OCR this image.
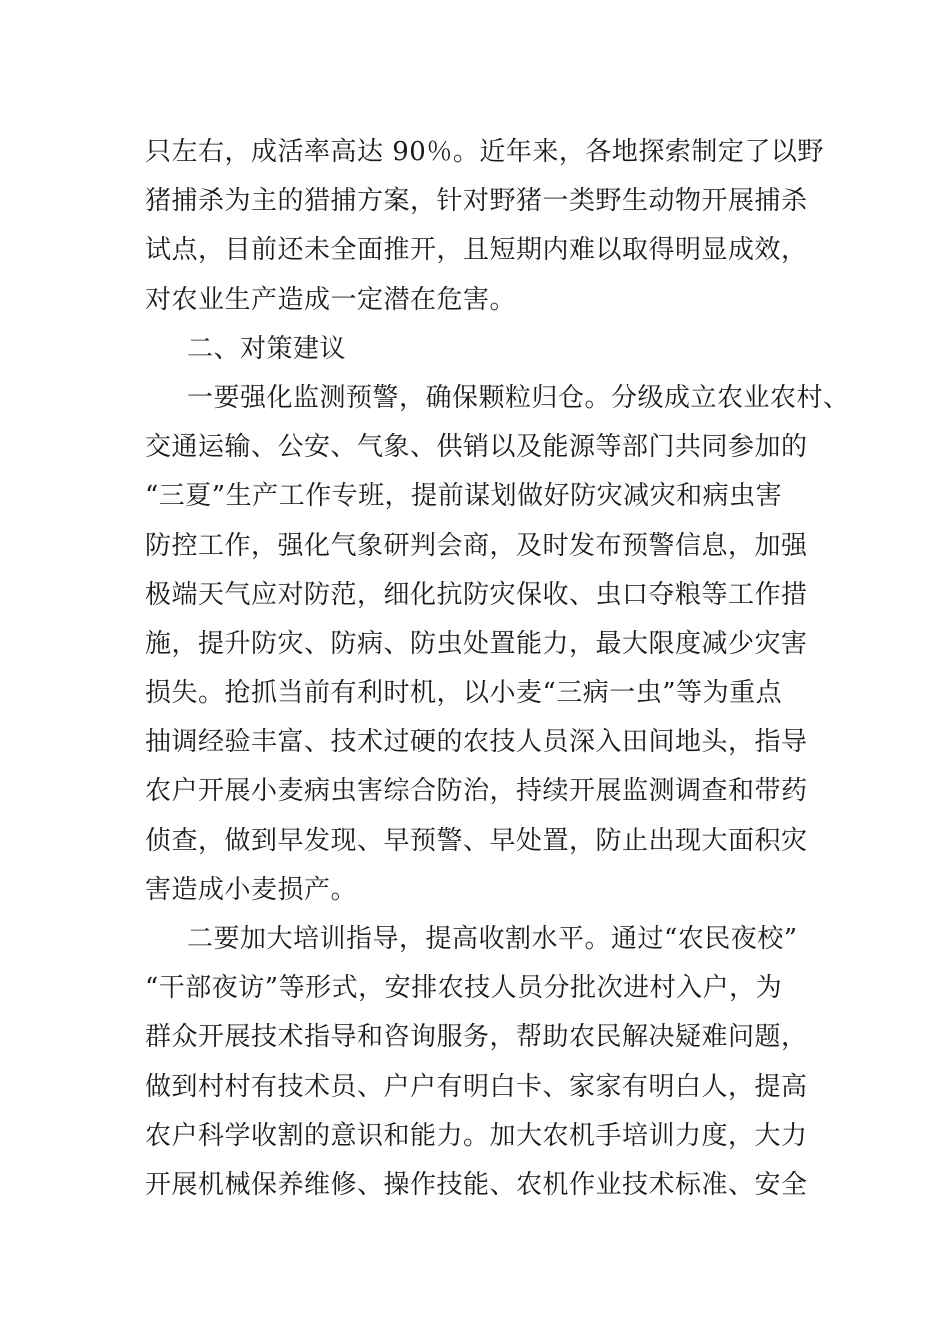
只左右，成活率高达 90％。近年来，各地探索制定了以野
猪捕杀为主的猎捕方案，针对野猪一类野生动物开展捕杀
试点，目前还未全面推开，且短期内难以取得明显成效，
对农业生产造成一定潜在危害。
二、对策建议
一要强化监测预警，确保颗粒归仓。分级成立农业农村、
交通运输、公安、气象、供销以及能源等部门共同参加的
“三夏”生产工作专班，提前谋划做好防灾减灾和病虫害
防控工作，强化气象研判会商，及时发布预警信息，加强
极端天气应对防范，细化抗防灾保收、虫口夺粮等工作措
施，提升防灾、防病、防虫处置能力，最大限度减少灾害
损失。抢抓当前有利时机，以小麦“三病一虫”等为重点
抽调经验丰富、技术过硬的农技人员深入田间地头，指导
农户开展小麦病虫害综合防治，持续开展监测调查和带药
侦查，做到早发现、早预警、早处置，防止出现大面积灾
害造成小麦损产。
二要加大培训指导，提高收割水平。通过“农民夜校”
“干部夜访”等形式，安排农技人员分批次进村入户，为
群众开展技术指导和咨询服务，帮助农民解决疑难问题，
做到村村有技术员、户户有明白卡、家家有明白人，提高
农户科学收割的意识和能力。加大农机手培训力度，大力
开展机械保养维修、操作技能、农机作业技术标准、安全
